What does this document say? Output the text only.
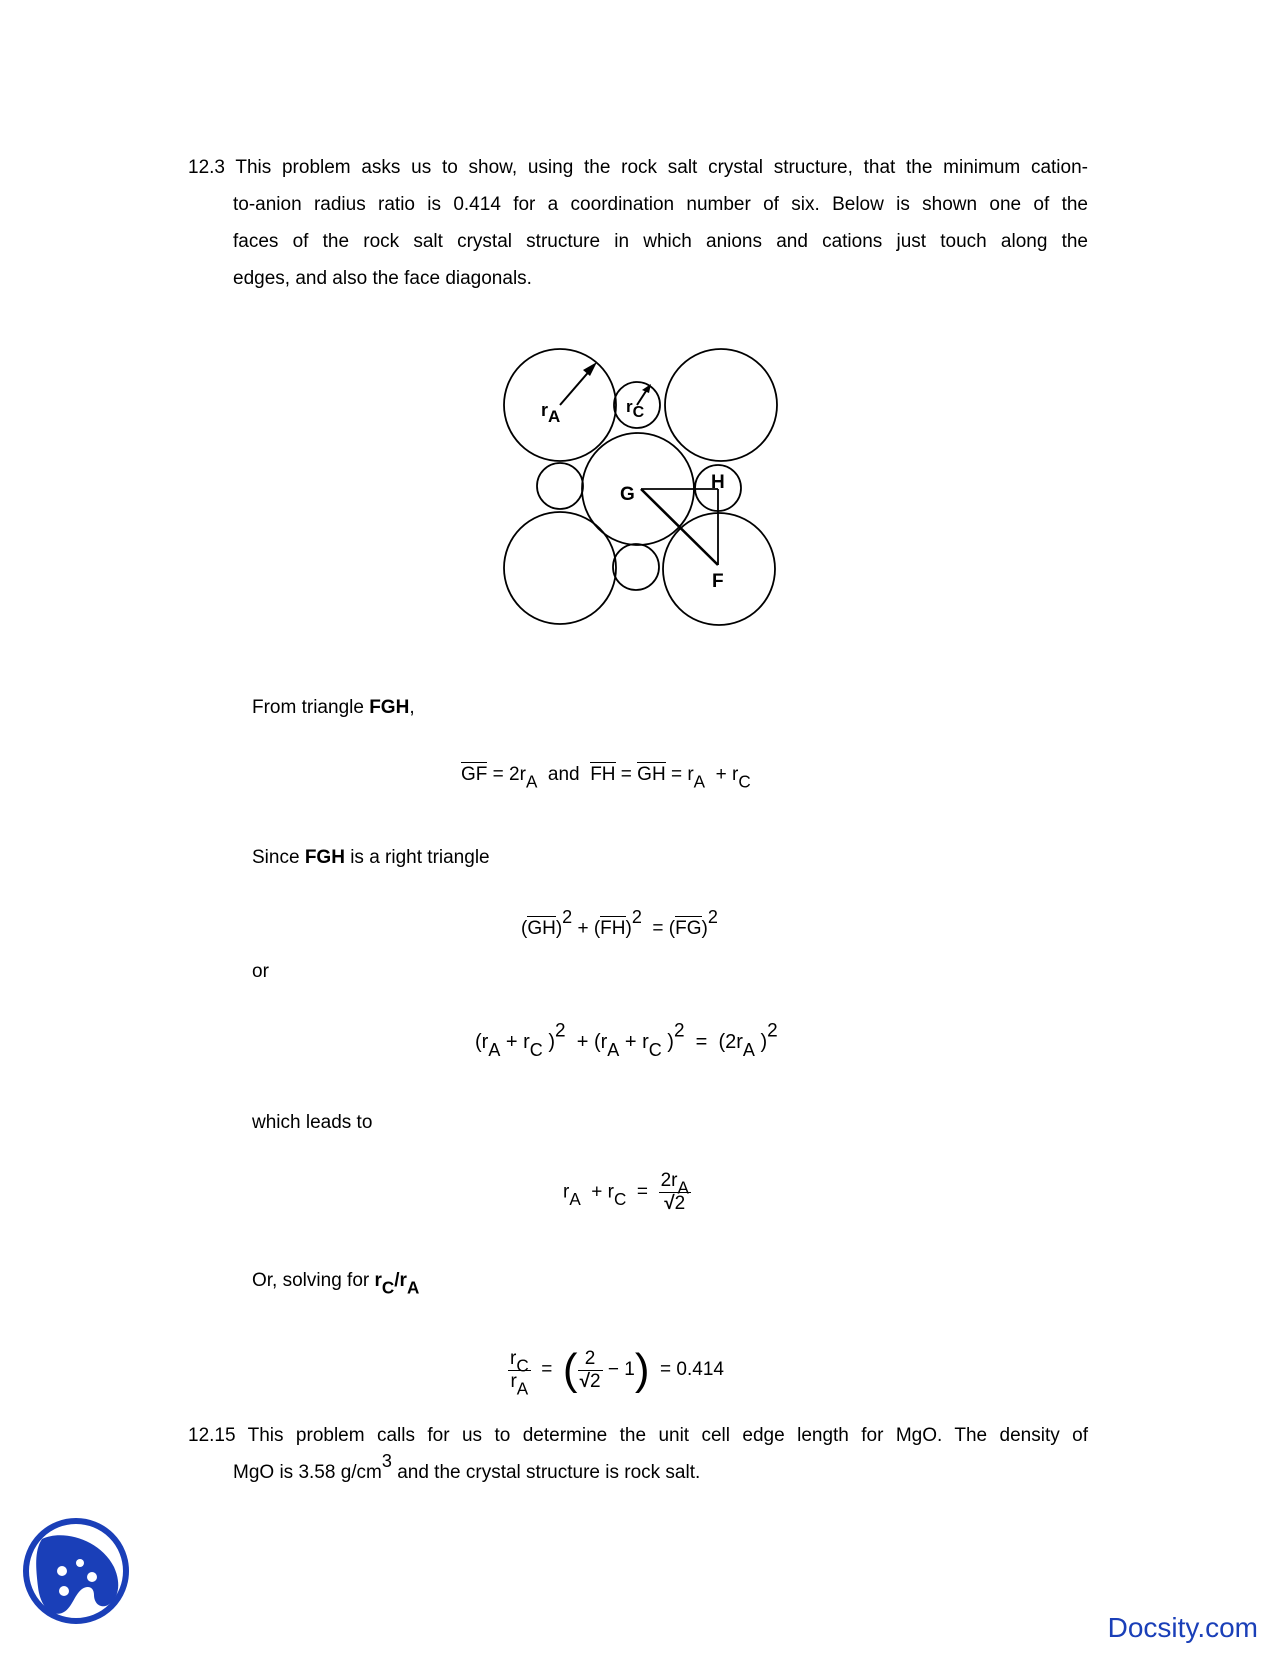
12.3 This problem asks us to show, using the rock salt crystal structure, that the minimum cation-
to-anion radius ratio is 0.414 for a coordination number of six. Below is shown one of the
faces of the rock salt crystal structure in which anions and cations just touch along the
edges, and also the face diagonals.
rA
rC
G
H
F
From triangle FGH,
GF = $2r_A$  and  FH = GH = $r_A + r_C$
Since FGH is a right triangle
(GH)$^2$ + (FH)$^2$  = (FG)$^2$
or
($r_A + r_C$ )$^2 + (r_A + r_C$ )$^2 = (2r_A$ )$^2$
which leads to
$r_A + r_C = \frac{2r_A}{√2}$
Or, solving for $r_C/r_A$
$\frac{r_C}{r_A}$ =  ( $\frac{2}{√2} - 1) = 0.414$
12.15 This problem calls for us to determine the unit cell edge length for MgO. The density of
MgO is 3.58 $g/cm^3$ and the crystal structure is rock salt.
Docsity.com
